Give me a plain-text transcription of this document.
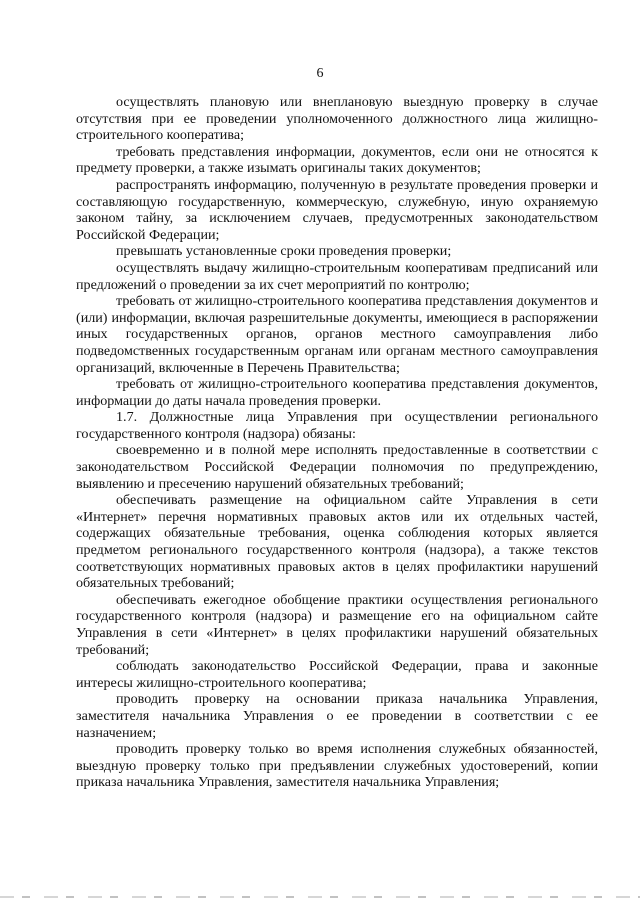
6

осуществлять плановую или внеплановую выездную проверку в случае отсутствия при ее проведении уполномоченного должностного лица жилищно-строительного кооператива;

требовать представления информации, документов, если они не относятся к предмету проверки, а также изымать оригиналы таких документов;

распространять информацию, полученную в результате проведения проверки и составляющую государственную, коммерческую, служебную, иную охраняемую законом тайну, за исключением случаев, предусмотренных законодательством Российской Федерации;

превышать установленные сроки проведения проверки;

осуществлять выдачу жилищно-строительным кооперативам предписаний или предложений о проведении за их счет мероприятий по контролю;

требовать от жилищно-строительного кооператива представления документов и (или) информации, включая разрешительные документы, имеющиеся в распоряжении иных государственных органов, органов местного самоуправления либо подведомственных государственным органам или органам местного самоуправления организаций, включенные в Перечень Правительства;

требовать от жилищно-строительного кооператива представления документов, информации до даты начала проведения проверки.

1.7. Должностные лица Управления при осуществлении регионального государственного контроля (надзора) обязаны:

своевременно и в полной мере исполнять предоставленные в соответствии с законодательством Российской Федерации полномочия по предупреждению, выявлению и пресечению нарушений обязательных требований;

обеспечивать размещение на официальном сайте Управления в сети «Интернет» перечня нормативных правовых актов или их отдельных частей, содержащих обязательные требования, оценка соблюдения которых является предметом регионального государственного контроля (надзора), а также текстов соответствующих нормативных правовых актов в целях профилактики нарушений обязательных требований;

обеспечивать ежегодное обобщение практики осуществления регионального государственного контроля (надзора) и размещение его на официальном сайте Управления в сети «Интернет» в целях профилактики нарушений обязательных требований;

соблюдать законодательство Российской Федерации, права и законные интересы жилищно-строительного кооператива;

проводить проверку на основании приказа начальника Управления, заместителя начальника Управления о ее проведении в соответствии с ее назначением;

проводить проверку только во время исполнения служебных обязанностей, выездную проверку только при предъявлении служебных удостоверений, копии приказа начальника Управления, заместителя начальника Управления;
